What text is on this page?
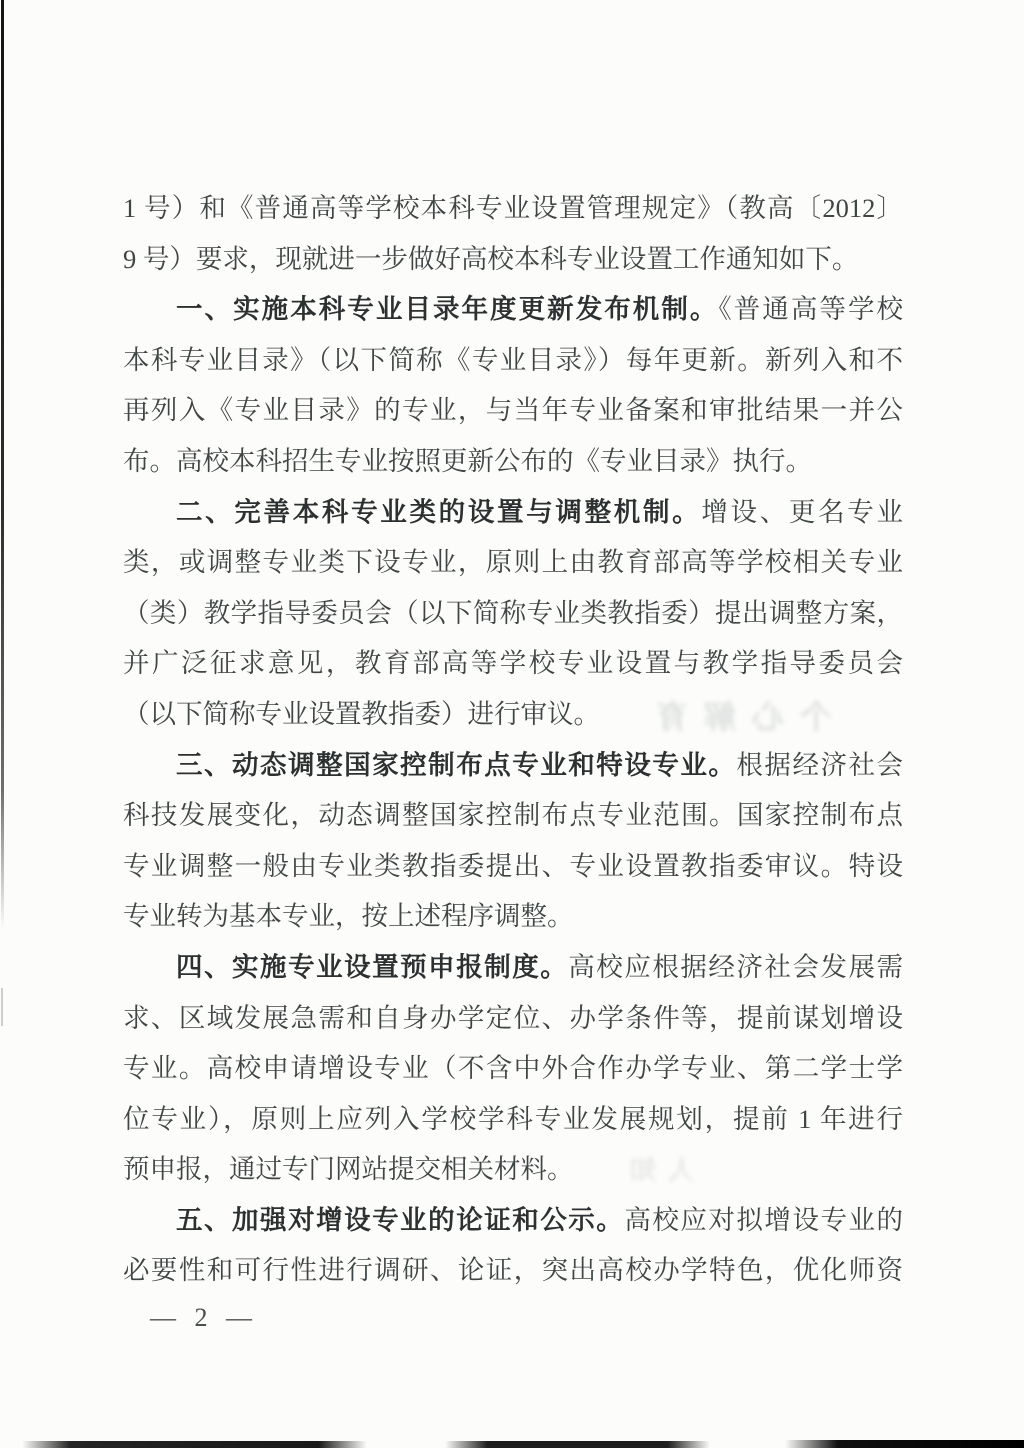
个心解育
人知
1 号）和《普通高等学校本科专业设置管理规定》（教高〔2012〕
9 号）要求，现就进一步做好高校本科专业设置工作通知如下。
一、实施本科专业目录年度更新发布机制。《普通高等学校
本科专业目录》（以下简称《专业目录》）每年更新。新列入和不
再列入《专业目录》的专业，与当年专业备案和审批结果一并公
布。高校本科招生专业按照更新公布的《专业目录》执行。
二、完善本科专业类的设置与调整机制。增设、更名专业
类，或调整专业类下设专业，原则上由教育部高等学校相关专业
（类）教学指导委员会（以下简称专业类教指委）提出调整方案，
并广泛征求意见，教育部高等学校专业设置与教学指导委员会
（以下简称专业设置教指委）进行审议。
三、动态调整国家控制布点专业和特设专业。根据经济社会
科技发展变化，动态调整国家控制布点专业范围。国家控制布点
专业调整一般由专业类教指委提出、专业设置教指委审议。特设
专业转为基本专业，按上述程序调整。
四、实施专业设置预申报制度。高校应根据经济社会发展需
求、区域发展急需和自身办学定位、办学条件等，提前谋划增设
专业。高校申请增设专业（不含中外合作办学专业、第二学士学
位专业），原则上应列入学校学科专业发展规划，提前 1 年进行
预申报，通过专门网站提交相关材料。
五、加强对增设专业的论证和公示。高校应对拟增设专业的
必要性和可行性进行调研、论证，突出高校办学特色，优化师资
— 2 —
